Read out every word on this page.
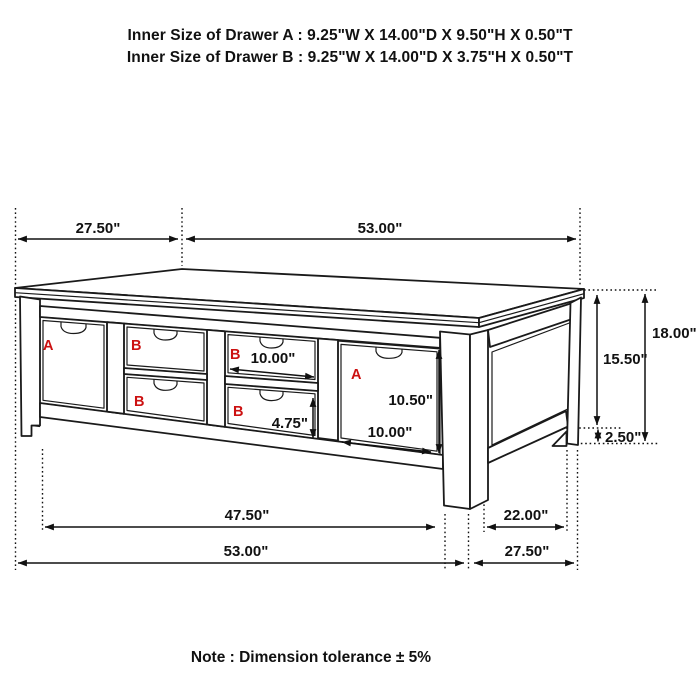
Inner Size of Drawer A : 9.25"W X 14.00"D X 9.50"H X 0.50"T
Inner Size of Drawer B : 9.25"W X 14.00"D X 3.75"H X 0.50"T
27.50"	53.00"
18.00"
15.50"
2.50"
10.00"
4.75"
10.50"
10.00"
47.50"
53.00"
22.00"
27.50"
A	B
B
B
B
A
Note : Dimension tolerance ± 5%
